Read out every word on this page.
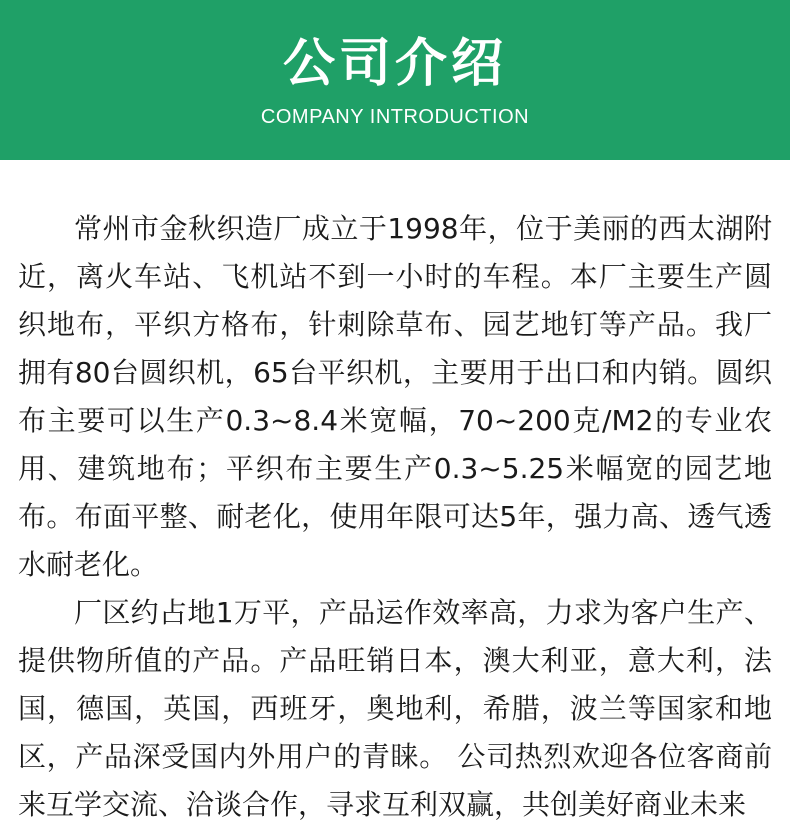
公司介绍
COMPANY INTRODUCTION

常州市金秋织造厂成立于1998年，位于美丽的西太湖附近，离火车站、飞机站不到一小时的车程。本厂主要生产圆织地布，平织方格布，针刺除草布、园艺地钉等产品。我厂拥有80台圆织机，65台平织机，主要用于出口和内销。圆织布主要可以生产0.3~8.4米宽幅，70~200克/M2的专业农用、建筑地布；平织布主要生产0.3~5.25米幅宽的园艺地布。布面平整、耐老化，使用年限可达5年，强力高、透气透水耐老化。

厂区约占地1万平，产品运作效率高，力求为客户生产、提供物所值的产品。产品旺销日本，澳大利亚，意大利，法国，德国，英国，西班牙，奥地利，希腊，波兰等国家和地区，产品深受国内外用户的青睐。 公司热烈欢迎各位客商前来互学交流、洽谈合作，寻求互利双赢，共创美好商业未来
